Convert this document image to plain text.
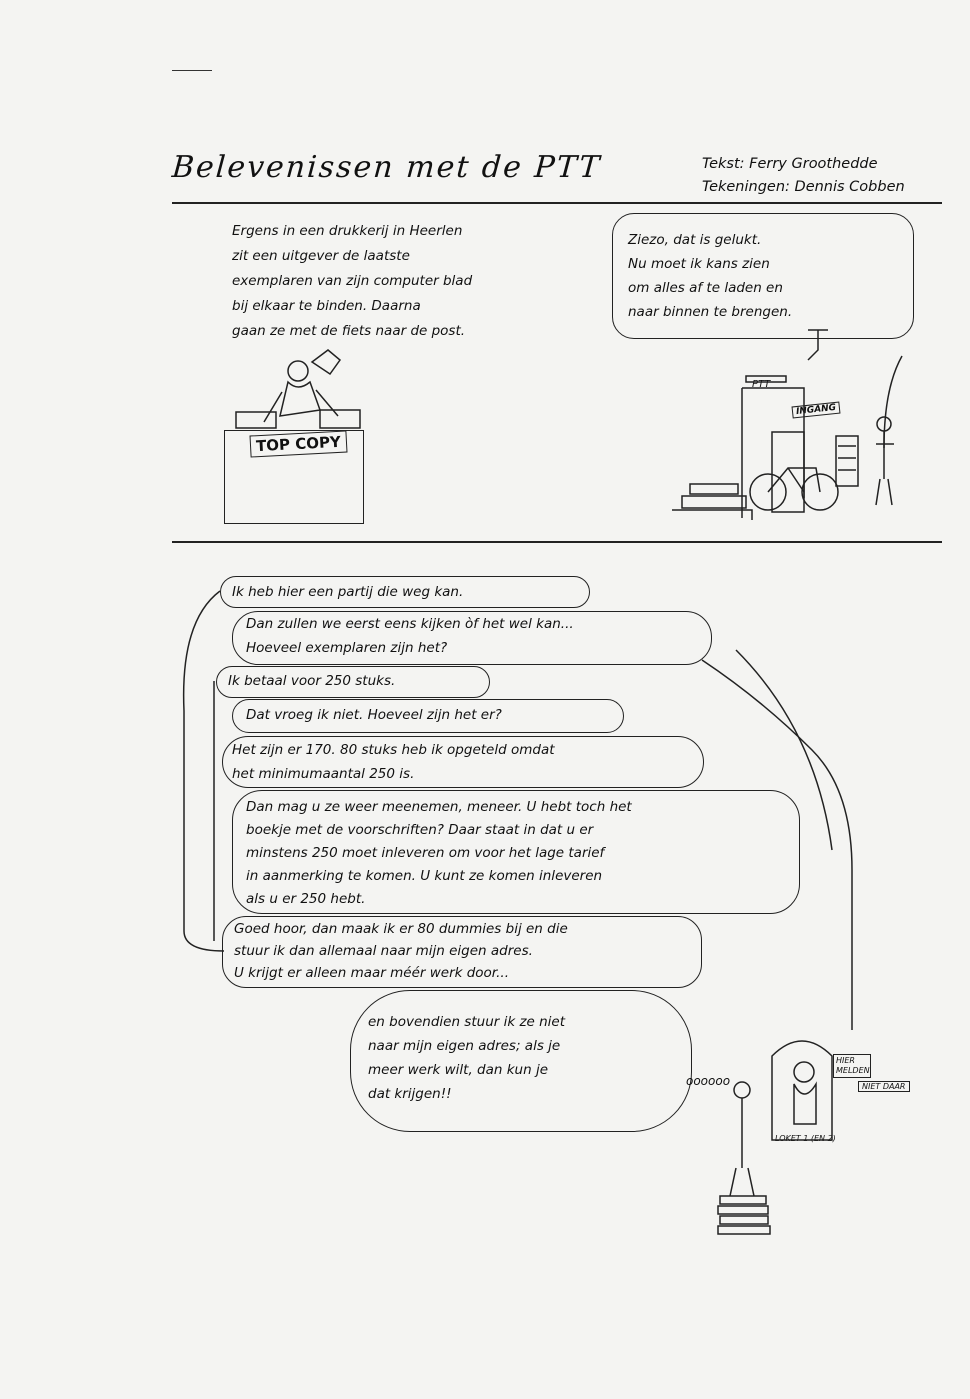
Belevenissen met de PTT	Tekst: Ferry Groothedde
Tekeningen: Dennis Cobben
Ergens in een drukkerij in Heerlen
zit een uitgever de laatste
exemplaren van zijn computer blad
bij elkaar te binden. Daarna
gaan ze met de fiets naar de post.
TOP COPY
Ziezo, dat is gelukt.
Nu moet ik kans zien
om alles af te laden en
naar binnen te brengen.
PTT
INGANG
Ik heb hier een partij die weg kan.
Dan zullen we eerst eens kijken òf het wel kan...
Hoeveel exemplaren zijn het?
Ik betaal voor 250 stuks.
Dat vroeg ik niet. Hoeveel zijn het er?
Het zijn er 170. 80 stuks heb ik opgeteld omdat
het minimumaantal 250 is.
Dan mag u ze weer meenemen, meneer. U hebt toch het
boekje met de voorschriften? Daar staat in dat u er
minstens 250 moet inleveren om voor het lage tarief
in aanmerking te komen. U kunt ze komen inleveren
als u er 250 hebt.
Goed hoor, dan maak ik er 80 dummies bij en die
stuur ik dan allemaal naar mijn eigen adres.
U krijgt er alleen maar méér werk door...
en bovendien stuur ik ze niet
naar mijn eigen adres; als je
meer werk wilt, dan kun je
dat krijgen!!
oooooo
HIER MELDEN
NIET DAAR
LOKET 1 (EN 2)
